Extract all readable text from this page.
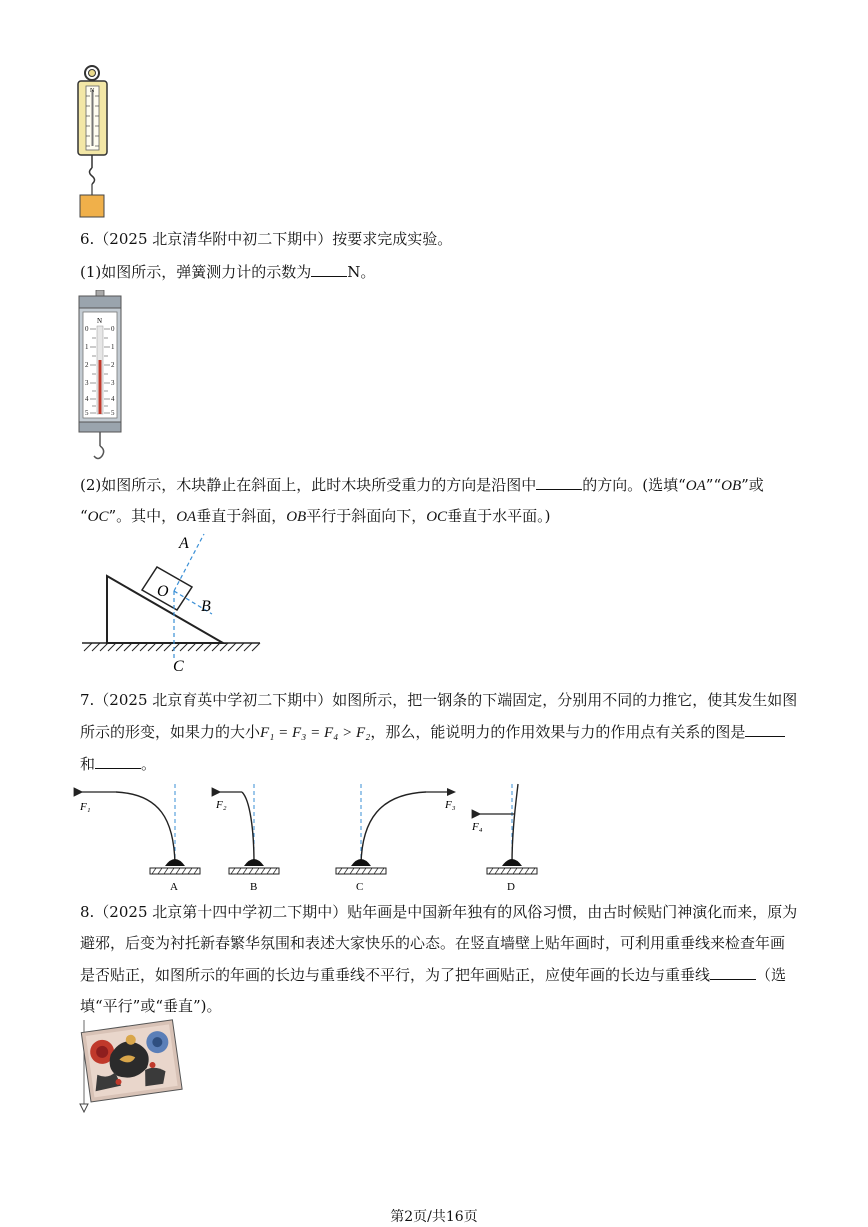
N
6.（2025 北京清华附中初二下期中）按要求完成实验。
(1)如图所示，弹簧测力计的示数为 N。
N
0	0
1	1
2	2
3	3
4	4
5	5
(2)如图所示，木块静止在斜面上，此时木块所受重力的方向是沿图中	的方向。(选填“OA”“OB”或
“OC”。其中，OA垂直于斜面，OB平行于斜面向下，OC垂直于水平面。)
A
O
B
C
7.（2025 北京育英中学初二下期中）如图所示，把一钢条的下端固定，分别用不同的力推它，使其发生如图
所示的形变，如果力的大小F₁ = F₃ = F₄ > F₂，那么，能说明力的作用效果与力的作用点有关系的图是
和	。
F₁
A
F₂
B
F₃
C
F₄
D
8.（2025 北京第十四中学初二下期中）贴年画是中国新年独有的风俗习惯，由古时候贴门神演化而来，原为
避邪，后变为衬托新春繁华氛围和表述大家快乐的心态。在竖直墙壁上贴年画时，可利用重垂线来检查年画
是否贴正，如图所示的年画的长边与重垂线不平行，为了把年画贴正，应使年画的长边与重垂线	（选
填“平行”或“垂直”)。
第2页/共16页
